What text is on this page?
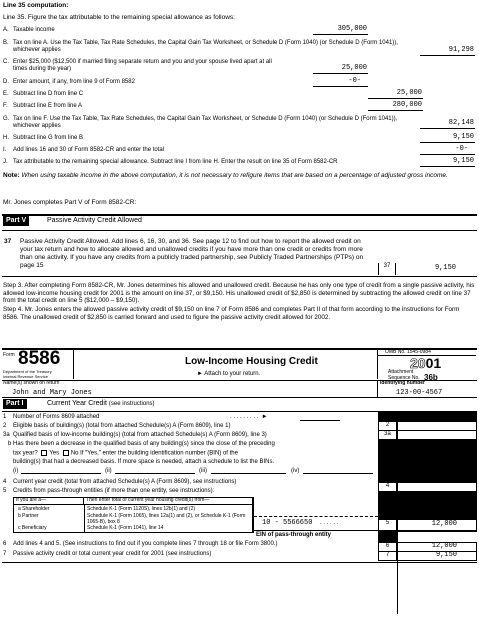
Line 35 computation:
Line 35. Figure the tax attributable to the remaining special allowance as follows:
A. Taxable income	305,000
B. Tax on line A. Use the Tax Table, Tax Rate Schedules, the Capital Gain Tax Worksheet, or Schedule D (Form 1040) (or Schedule D (Form 1041)), whichever applies	91,298
C. Enter $25,000 ($12,500 if married filing separate return and you and your spouse lived apart at all times during the year)	25,000
D. Enter amount, if any, from line 9 of Form 8582	-0-
E. Subtract line D from line C	25,000
F. Subtract line E from line A	280,000
G. Tax on line F. Use the Tax Table, Tax Rate Schedules, the Capital Gain Tax Worksheet, or Schedule D (Form 1040) (or Schedule D (Form 1041)), whichever applies	82,148
H. Subtract line G from line B	9,150
I. Add lines 16 and 30 of Form 8582-CR and enter the total	-0-
J. Tax attributable to the remaining special allowance. Subtract line I from line H. Enter the result on line 35 of Form 8582-CR	9,150
Note: When using taxable income in the above computation, it is not necessary to refigure items that are based on a percentage of adjusted gross income.
Mr. Jones completes Part V of Form 8582-CR:
Part V	Passive Activity Credit Allowed
37 Passive Activity Credit Allowed. Add lines 6, 16, 30, and 36. See page 12 to find out how to report the allowed credit on your tax return and how to allocate allowed and unallowed credits if you have more than one credit or credits from more than one activity. If you have any credits from a publicly traded partnership, see Publicly Traded Partnerships (PTPs) on page 15	37	9,150
Step 3. After completing Form 8582-CR, Mr. Jones determines his allowed and unallowed credit. Because he has only one type of credit from a single passive activity, his allowed low-income housing credit for 2001 is the amount on line 37, or $9,150. His unallowed credit of $2,850 is determined by subtracting the allowed credit on line 37 from the total credit on line 5 ($12,000 – $9,150).
Step 4. Mr. Jones enters the allowed passive activity credit of $9,150 on line 7 of Form 8586 and completes Part II of that form according to the instructions for Form 8586. The unallowed credit of $2,850 is carried forward and used to figure the passive activity credit allowed for 2002.
Form 8586
Department of the Treasury
Internal Revenue Service
Low-Income Housing Credit
► Attach to your return.
OMB No. 1545-0984
2001
Attachment
Sequence No. 36b
Name(s) shown on return
John and Mary Jones
Identifying number
123-00-4567
Part I	Current Year Credit (see instructions)
1 Number of Forms 8609 attached	. . . . . . . . .  ►
2 Eligible basis of building(s) (total from attached Schedule(s) A (Form 8609), line 1)	2
3a Qualified basis of low-income building(s) (total from attached Schedule(s) A (Form 8609), line 3)	3a
b Has there been a decrease in the qualified basis of any building(s) since the close of the preceding
tax year? Yes No If "Yes," enter the building identification number (BIN) of the
building(s) that had a decreased basis. If more space is needed, attach a schedule to list the BINs.
(i)	(ii)	(iii)	(iv)
4 Current year credit (total from attached Schedule(s) A (Form 8609), see instructions)
4
5 Credits from pass-through entities (if more than one entity, see instructions):
If you are a—	Then enter total of current year housing credit(s) from—
a Shareholder	Schedule K-1 (Form 1120S), lines 12b(1) and (2)
b Partner	Schedule K-1 (Form 1065), lines 12a(1) and (2), or Schedule K-1 (Form 1065-B), box 8
c Beneficiary	Schedule K-1 (Form 1041), line 14
10 - 5566650 . . . . . .
EIN of pass-through entity
5	12,000
6 Add lines 4 and 5. (See instructions to find out if you complete lines 7 through 18 or file Form 3800.)	6	12,000
7 Passive activity credit or total current year credit for 2001 (see instructions)	7	9,150
